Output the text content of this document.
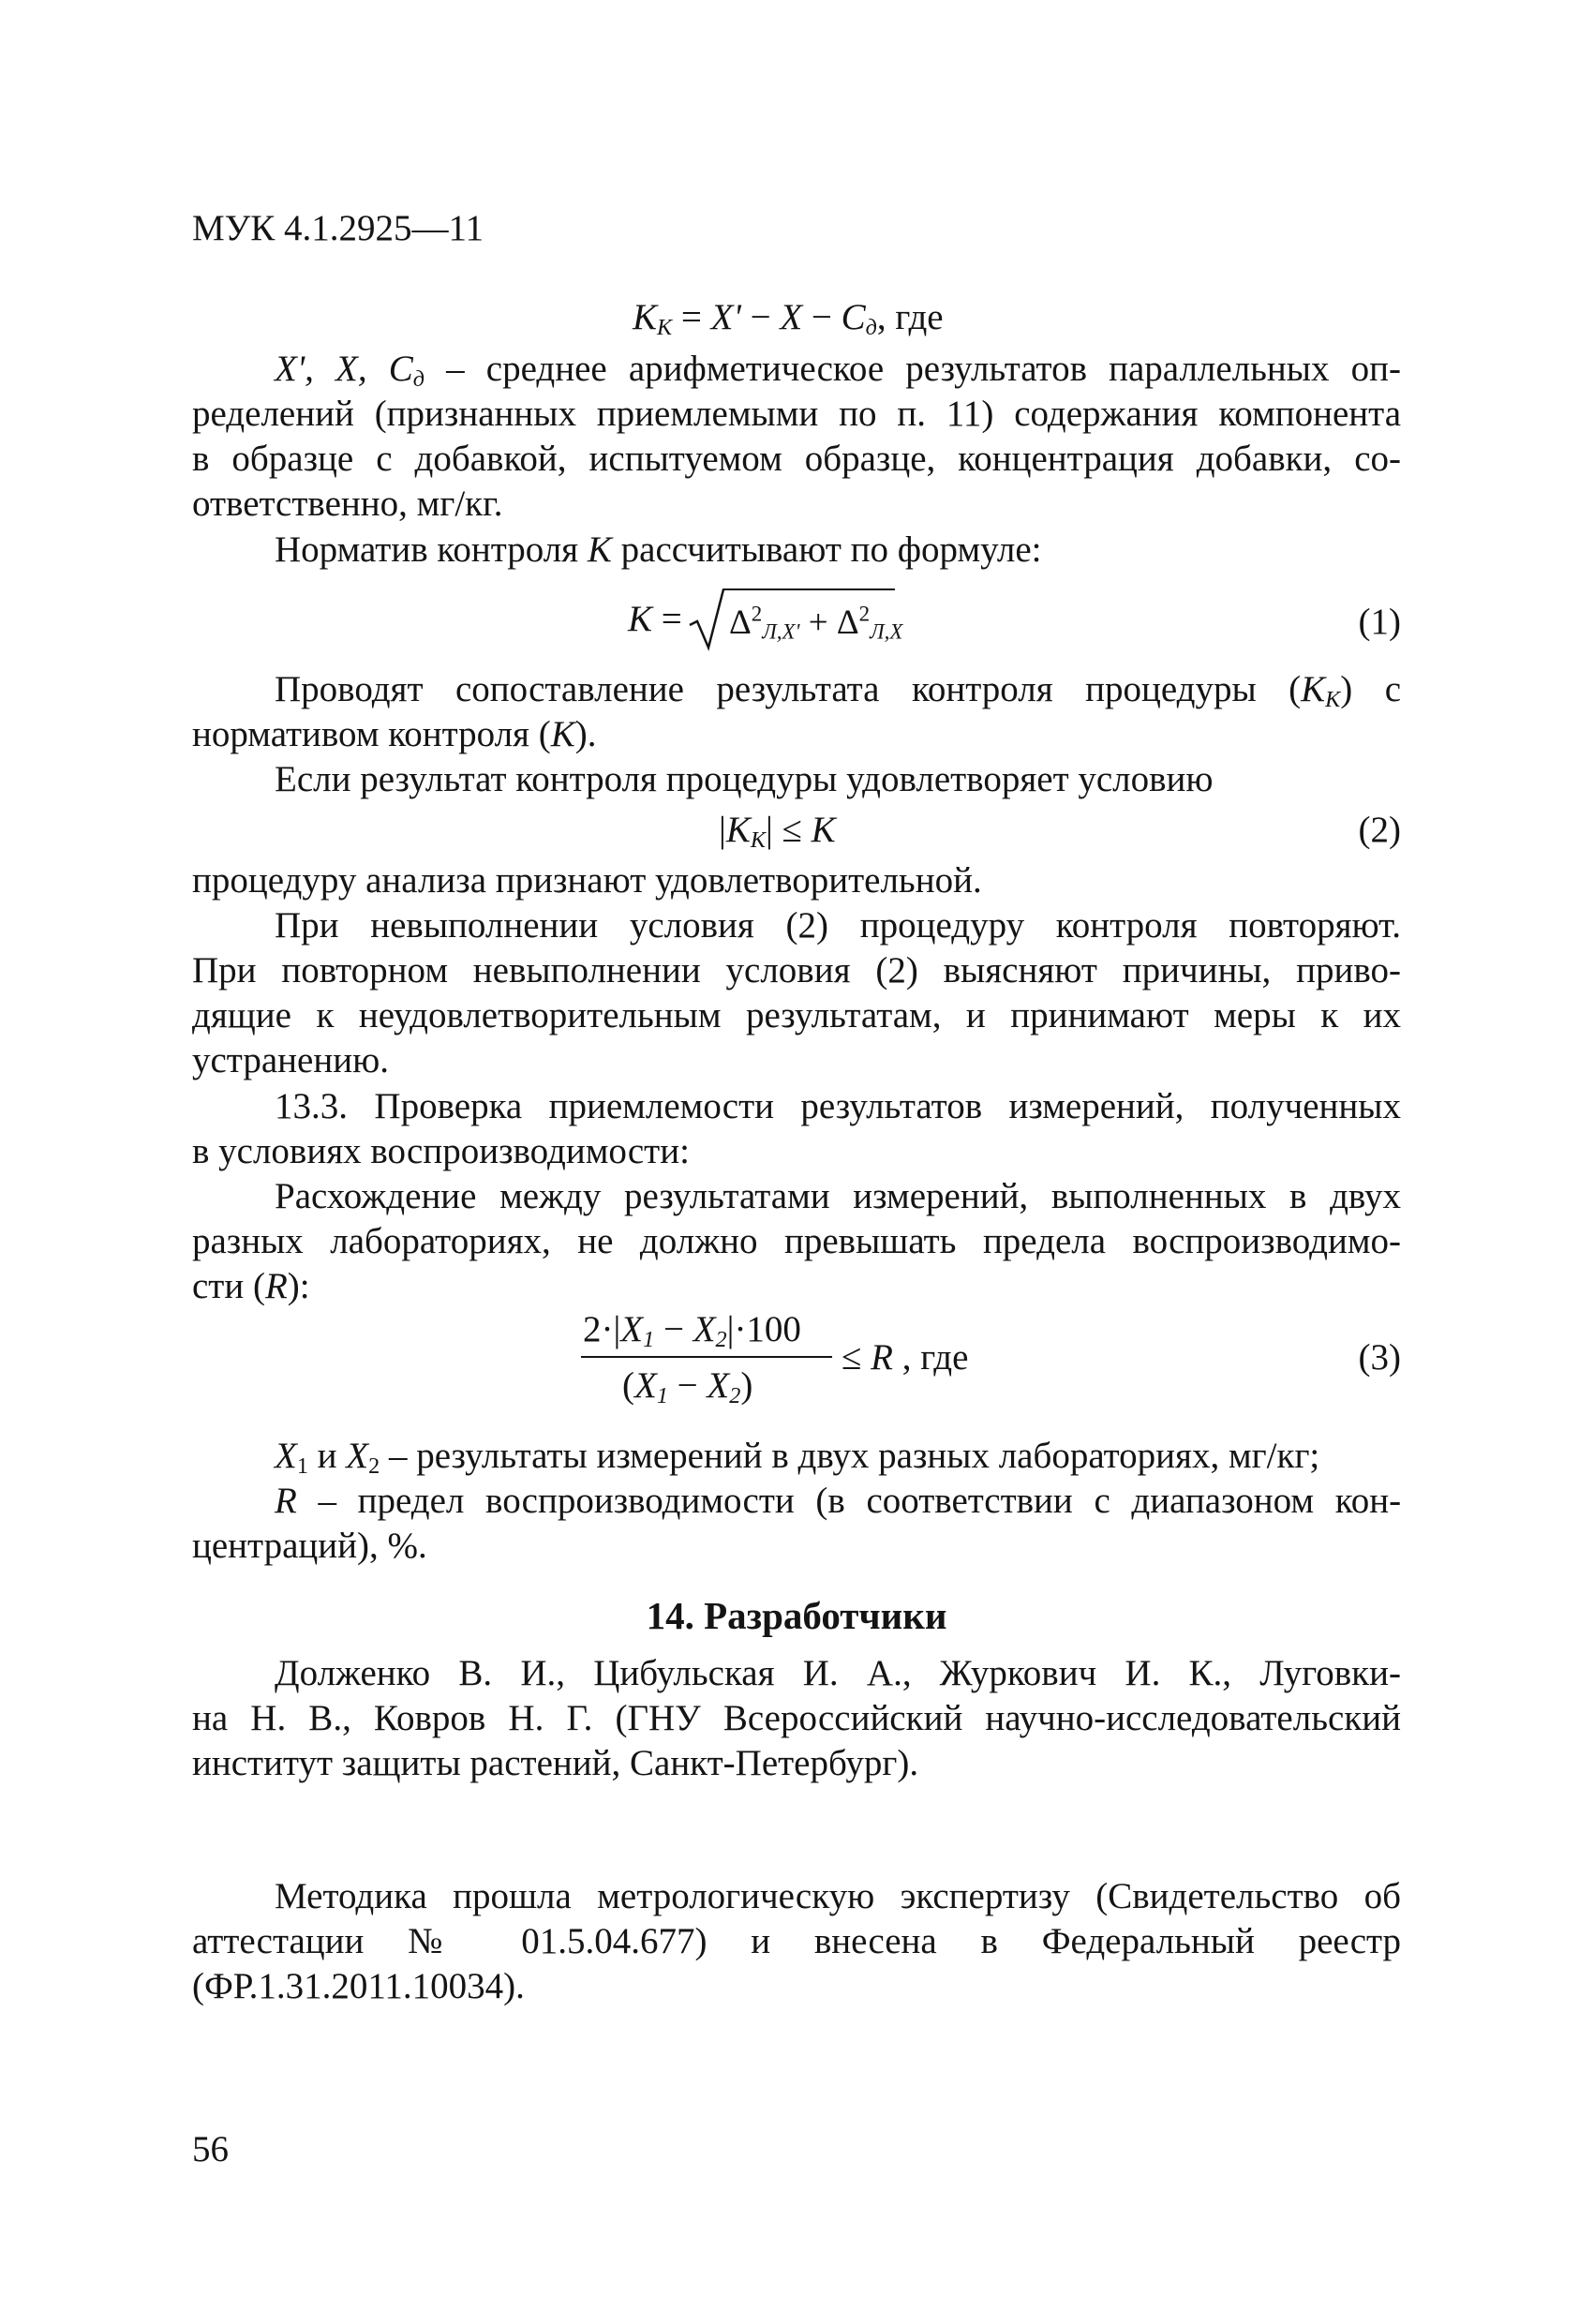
МУК 4.1.2925—11
$K_K = X' - X - C_д$, где
X', X, $C_д$ – среднее арифметическое результатов параллельных оп-
ределений (признанных приемлемыми по п. 11) содержания компонента
в образце с добавкой, испытуемом образце, концентрация добавки, со-
ответственно, мг/кг.
Норматив контроля K рассчитывают по формуле:
$K = \Delta^2_{Л,X'} + \Delta^2_{Л,X}$	(1)
Проводят сопоставление результата контроля процедуры $(K_K)$ с
нормативом контроля (K).
Если результат контроля процедуры удовлетворяет условию
$|K_K| \le K$	(2)
процедуру анализа признают удовлетворительной.
При невыполнении условия (2) процедуру контроля повторяют.
При повторном невыполнении условия (2) выясняют причины, приво-
дящие к неудовлетворительным результатам, и принимают меры к их
устранению.
13.3. Проверка приемлемости результатов измерений, полученных
в условиях воспроизводимости:
Расхождение между результатами измерений, выполненных в двух
разных лабораториях, не должно превышать предела воспроизводимо-
сти (R):
$2\cdot|X_1 - X_2|\cdot 100$
$(X_1 - X_2)$
≤ R , где	(3)
$X_1$ и $X_2$ – результаты измерений в двух разных лабораториях, мг/кг;
R – предел воспроизводимости (в соответствии с диапазоном кон-
центраций), %.
14. Разработчики
Долженко В. И., Цибульская И. А., Журкович И. К., Луговки-
на Н. В., Ковров Н. Г. (ГНУ Всероссийский научно-исследовательский
институт защиты растений, Санкт-Петербург).
Методика прошла метрологическую экспертизу (Свидетельство об
аттестации № 01.5.04.677) и внесена в Федеральный реестр
(ФР.1.31.2011.10034).
56
